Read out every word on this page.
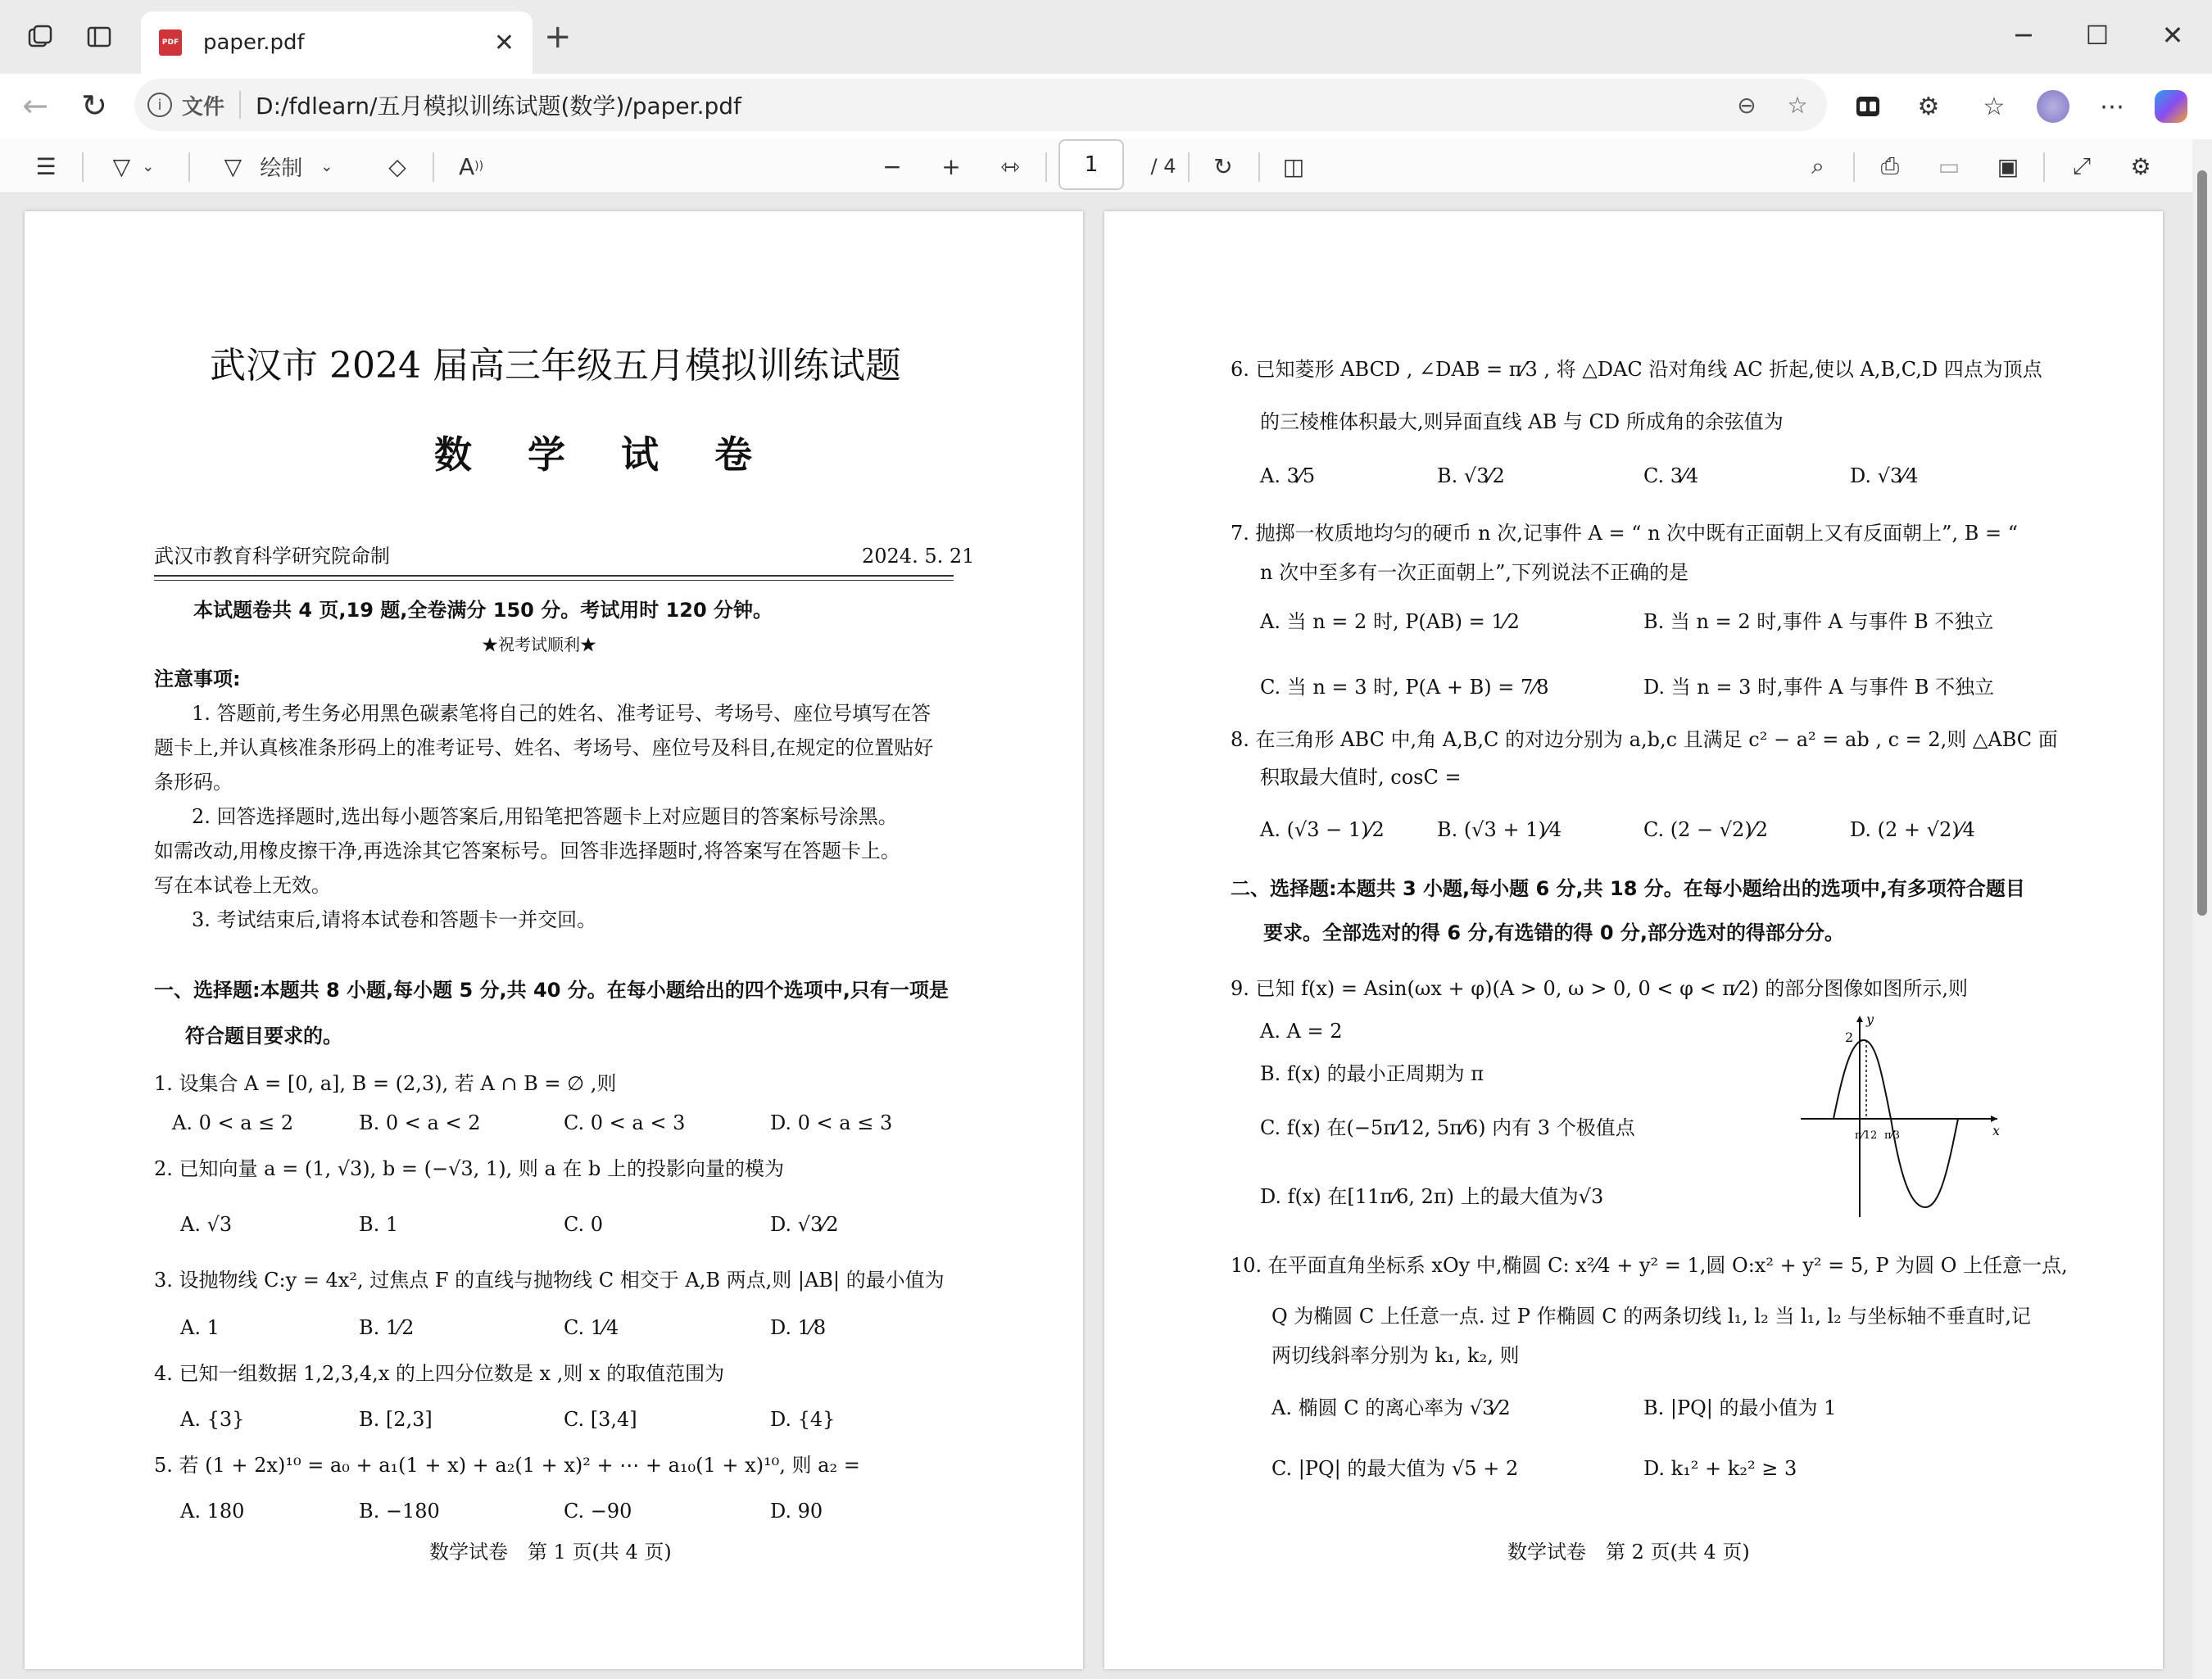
PDF paper.pdf	✕ +	─	☐	✕
← ↻	i 文件 D:/fdlearn/五月模拟训练试题(数学)/paper.pdf	⊖ ☆	⚙	☆	⋯
☰	▽ ⌄	▽ 绘制 ⌄	◇	A ))	−	+	⇿	1	/ 4	↻	◫	⌕	⎙	▭	▣	⤢	⚙
武汉市 2024 届高三年级五月模拟训练试题
数 学 试 卷
武汉市教育科学研究院命制	2024. 5. 21
本试题卷共 4 页,19 题,全卷满分 150 分。考试用时 120 分钟。
★祝考试顺利★
注意事项:
1. 答题前,考生务必用黑色碳素笔将自己的姓名、准考证号、考场号、座位号填写在答
题卡上,并认真核准条形码上的准考证号、姓名、考场号、座位号及科目,在规定的位置贴好
条形码。
2. 回答选择题时,选出每小题答案后,用铅笔把答题卡上对应题目的答案标号涂黑。
如需改动,用橡皮擦干净,再选涂其它答案标号。回答非选择题时,将答案写在答题卡上。
写在本试卷上无效。
3. 考试结束后,请将本试卷和答题卡一并交回。
一、选择题:本题共 8 小题,每小题 5 分,共 40 分。在每小题给出的四个选项中,只有一项是
符合题目要求的。
1. 设集合 A = [0, a], B = (2,3), 若 A ∩ B = ∅ ,则
A. 0 < a ≤ 2	B. 0 < a < 2	C. 0 < a < 3	D. 0 < a ≤ 3
2. 已知向量 a = (1, √3), b = (−√3, 1), 则 a 在 b 上的投影向量的模为
A. √3	B. 1	C. 0	D. √3⁄2
3. 设抛物线 C:y = 4x², 过焦点 F 的直线与抛物线 C 相交于 A,B 两点,则 |AB| 的最小值为
A. 1	B. 1⁄2	C. 1⁄4	D. 1⁄8
4. 已知一组数据 1,2,3,4,x 的上四分位数是 x ,则 x 的取值范围为
A. {3}	B. [2,3]	C. [3,4]	D. {4}
5. 若 (1 + 2x)¹⁰ = a₀ + a₁(1 + x) + a₂(1 + x)² + ⋯ + a₁₀(1 + x)¹⁰, 则 a₂ =
A. 180	B. −180	C. −90	D. 90
数学试卷　第 1 页(共 4 页)
6. 已知菱形 ABCD , ∠DAB = π⁄3 , 将 △DAC 沿对角线 AC 折起,使以 A,B,C,D 四点为顶点
的三棱椎体积最大,则异面直线 AB 与 CD 所成角的余弦值为
A. 3⁄5	B. √3⁄2	C. 3⁄4	D. √3⁄4
7. 抛掷一枚质地均匀的硬币 n 次,记事件 A = “ n 次中既有正面朝上又有反面朝上”, B = “
n 次中至多有一次正面朝上”,下列说法不正确的是
A. 当 n = 2 时, P(AB) = 1⁄2	B. 当 n = 2 时,事件 A 与事件 B 不独立
C. 当 n = 3 时, P(A + B) = 7⁄8	D. 当 n = 3 时,事件 A 与事件 B 不独立
8. 在三角形 ABC 中,角 A,B,C 的对边分别为 a,b,c 且满足 c² − a² = ab , c = 2,则 △ABC 面
积取最大值时, cosC =
A. (√3 − 1)⁄2	B. (√3 + 1)⁄4	C. (2 − √2)⁄2	D. (2 + √2)⁄4
二、选择题:本题共 3 小题,每小题 6 分,共 18 分。在每小题给出的选项中,有多项符合题目
要求。全部选对的得 6 分,有选错的得 0 分,部分选对的得部分分。
9. 已知 f(x) = Asin(ωx + φ)(A > 0, ω > 0, 0 < φ < π⁄2) 的部分图像如图所示,则
A. A = 2
B. f(x) 的最小正周期为 π
C. f(x) 在(−5π⁄12, 5π⁄6) 内有 3 个极值点
D. f(x) 在[11π⁄6, 2π) 上的最大值为√3
2
y
x
π⁄12 π⁄3
10. 在平面直角坐标系 xOy 中,椭圆 C: x²⁄4 + y² = 1,圆 O:x² + y² = 5, P 为圆 O 上任意一点,
Q 为椭圆 C 上任意一点. 过 P 作椭圆 C 的两条切线 l₁, l₂ 当 l₁, l₂ 与坐标轴不垂直时,记
两切线斜率分别为 k₁, k₂, 则
A. 椭圆 C 的离心率为 √3⁄2	B. |PQ| 的最小值为 1
C. |PQ| 的最大值为 √5 + 2	D. k₁² + k₂² ≥ 3
数学试卷　第 2 页(共 4 页)
